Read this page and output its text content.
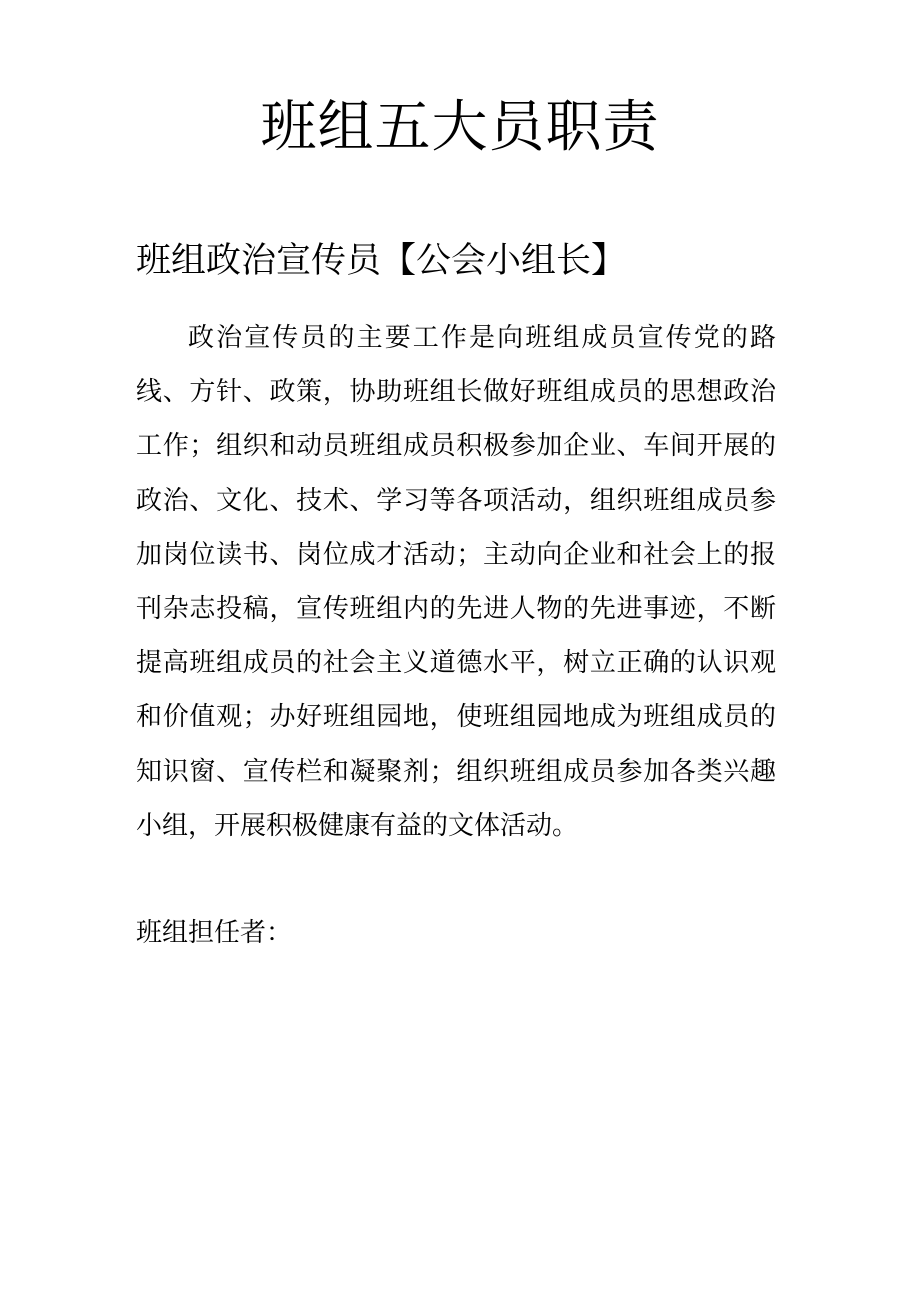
班组五大员职责
班组政治宣传员【公会小组长】

政治宣传员的主要工作是向班组成员宣传党的路线、方针、政策，协助班组长做好班组成员的思想政治工作；组织和动员班组成员积极参加企业、车间开展的政治、文化、技术、学习等各项活动，组织班组成员参加岗位读书、岗位成才活动；主动向企业和社会上的报刊杂志投稿，宣传班组内的先进人物的先进事迹，不断提高班组成员的社会主义道德水平，树立正确的认识观和价值观；办好班组园地，使班组园地成为班组成员的知识窗、宣传栏和凝聚剂；组织班组成员参加各类兴趣小组，开展积极健康有益的文体活动。

班组担任者：
